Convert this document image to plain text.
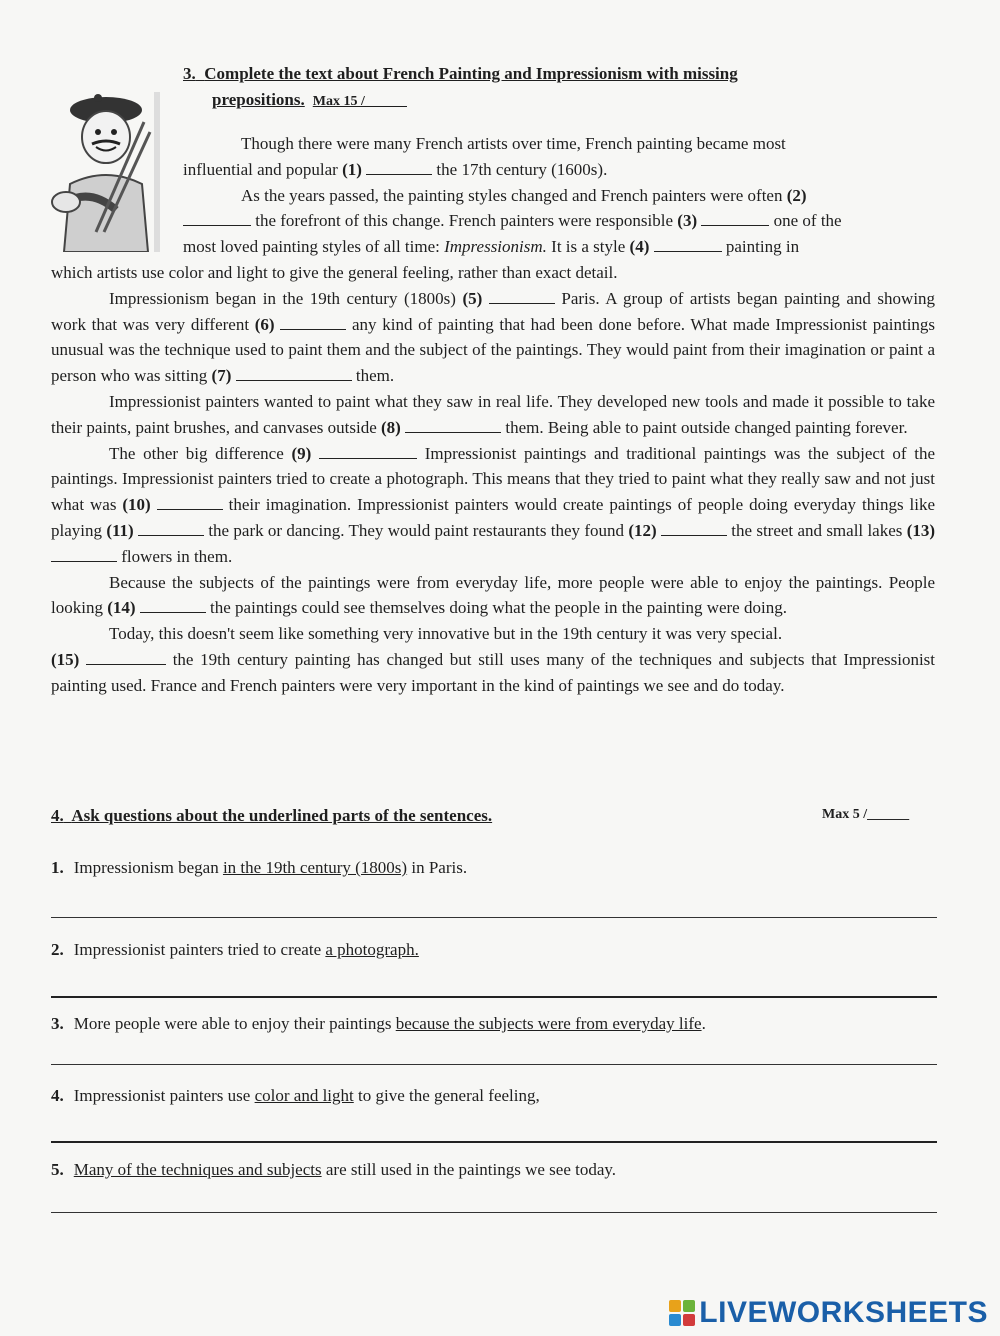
3. Complete the text about French Painting and Impressionism with missing
prepositions. Max 15 /______

Though there were many French artists over time, French painting became most

influential and popular (1)	the 17th century (1600s).

As the years passed, the painting styles changed and French painters were often (2)

the forefront of this change. French painters were responsible (3)	one of the

most loved painting styles of all time: Impressionism. It is a style (4)	painting in

which artists use color and light to give the general feeling, rather than exact detail.

Impressionism began in the 19th century (1800s) (5)	Paris. A group of artists began painting and showing work that was very different (6)	any kind of painting that had been done before. What made Impressionist paintings unusual was the technique used to paint them and the subject of the paintings. They would paint from their imagination or paint a person who was sitting (7)	them.

Impressionist painters wanted to paint what they saw in real life. They developed new tools and made it possible to take their paints, paint brushes, and canvases outside (8)	them. Being able to paint outside changed painting forever.

The other big difference (9)	Impressionist paintings and traditional paintings was the subject of the paintings. Impressionist painters tried to create a photograph. This means that they tried to paint what they really saw and not just what was (10)	their imagination. Impressionist painters would create paintings of people doing everyday things like playing (11)	the park or dancing. They would paint restaurants they found (12)	the street and small lakes (13)  flowers in them.

Because the subjects of the paintings were from everyday life, more people were able to enjoy the paintings. People looking (14)	the paintings could see themselves doing what the people in the painting were doing.

Today, this doesn't seem like something very innovative but in the 19th century it was very special.

(15)	the 19th century painting has changed but still uses many of the techniques and subjects that Impressionist painting used. France and French painters were very important in the kind of paintings we see and do today.

4. Ask questions about the underlined parts of the sentences.	Max 5 /______
1. Impressionism began in the 19th century (1800s) in Paris.
2. Impressionist painters tried to create a photograph.
3. More people were able to enjoy their paintings because the subjects were from everyday life.
4. Impressionist painters use color and light to give the general feeling,
5. Many of the techniques and subjects are still used in the paintings we see today.
LIVEWORKSHEETS
